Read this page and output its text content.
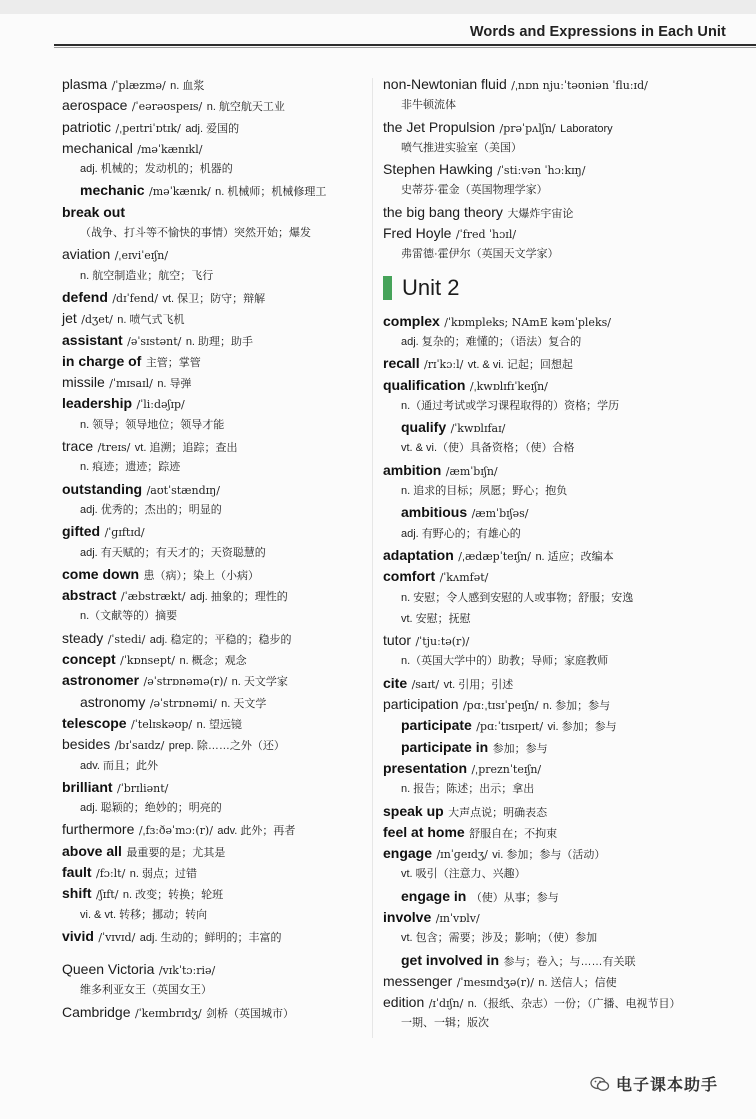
Words and Expressions in Each Unit
plasma /ˈplæzmə/ n. 血浆
aerospace /ˈeərəʊspeɪs/ n. 航空航天工业
patriotic /ˌpeɪtriˈɒtɪk/ adj. 爱国的
mechanical /məˈkænɪkl/
adj. 机械的；发动机的；机器的
mechanic /məˈkænɪk/ n. 机械师；机械修理工
break out
（战争、打斗等不愉快的事情）突然开始；爆发
aviation /ˌeɪviˈeɪʃn/
n. 航空制造业；航空；飞行
defend /dɪˈfend/ vt. 保卫；防守；辩解
jet /dʒet/ n. 喷气式飞机
assistant /əˈsɪstənt/ n. 助理；助手
in charge of 主管；掌管
missile /ˈmɪsaɪl/ n. 导弹
leadership /ˈliːdəʃɪp/
n. 领导；领导地位；领导才能
trace /treɪs/ vt. 追溯；追踪；查出
n. 痕迹；遗迹；踪迹
outstanding /aʊtˈstændɪŋ/
adj. 优秀的；杰出的；明显的
gifted /ˈɡɪftɪd/
adj. 有天赋的；有天才的；天资聪慧的
come down 患（病）；染上（小病）
abstract /ˈæbstrækt/ adj. 抽象的；理性的
n.（文献等的）摘要
steady /ˈstedi/ adj. 稳定的；平稳的；稳步的
concept /ˈkɒnsept/ n. 概念；观念
astronomer /əˈstrɒnəmə(r)/ n. 天文学家
astronomy /əˈstrɒnəmi/ n. 天文学
telescope /ˈtelɪskəʊp/ n. 望远镜
besides /bɪˈsaɪdz/ prep. 除……之外（还）
adv. 而且；此外
brilliant /ˈbrɪliənt/
adj. 聪颖的；绝妙的；明亮的
furthermore /ˌfɜːðəˈmɔː(r)/ adv. 此外；再者
above all 最重要的是；尤其是
fault /fɔːlt/ n. 弱点；过错
shift /ʃɪft/ n. 改变；转换；轮班
vi. & vt. 转移；挪动；转向
vivid /ˈvɪvɪd/ adj. 生动的；鲜明的；丰富的
Queen Victoria /vɪkˈtɔːriə/
维多利亚女王（英国女王）
Cambridge /ˈkeɪmbrɪdʒ/ 剑桥（英国城市）
non-Newtonian fluid /ˌnɒn njuːˈtəʊniən ˈfluːɪd/
非牛顿流体
the Jet Propulsion /prəˈpʌlʃn/ Laboratory
喷气推进实验室（美国）
Stephen Hawking /ˈstiːvən ˈhɔːkɪŋ/
史蒂芬·霍金（英国物理学家）
the big bang theory 大爆炸宇宙论
Fred Hoyle /ˈfred ˈhɔɪl/
弗雷德·霍伊尔（英国天文学家）
Unit 2
complex /ˈkɒmpleks; NAmE kəmˈpleks/
adj. 复杂的；难懂的；（语法）复合的
recall /rɪˈkɔːl/ vt. & vi. 记起；回想起
qualification /ˌkwɒlɪfɪˈkeɪʃn/
n.（通过考试或学习课程取得的）资格；学历
qualify /ˈkwɒlɪfaɪ/
vt. & vi.（使）具备资格；（使）合格
ambition /æmˈbɪʃn/
n. 追求的目标；夙愿；野心；抱负
ambitious /æmˈbɪʃəs/
adj. 有野心的；有雄心的
adaptation /ˌædæpˈteɪʃn/ n. 适应；改编本
comfort /ˈkʌmfət/
n. 安慰；令人感到安慰的人或事物；舒服；安逸
vt. 安慰；抚慰
tutor /ˈtjuːtə(r)/
n.（英国大学中的）助教；导师；家庭教师
cite /saɪt/ vt. 引用；引述
participation /pɑːˌtɪsɪˈpeɪʃn/ n. 参加；参与
participate /pɑːˈtɪsɪpeɪt/ vi. 参加；参与
participate in 参加；参与
presentation /ˌpreznˈteɪʃn/
n. 报告；陈述；出示；拿出
speak up 大声点说；明确表态
feel at home 舒服自在；不拘束
engage /ɪnˈɡeɪdʒ/ vi. 参加；参与（活动）
vt. 吸引（注意力、兴趣）
engage in （使）从事；参与
involve /ɪnˈvɒlv/
vt. 包含；需要；涉及；影响；（使）参加
get involved in 参与；卷入；与……有关联
messenger /ˈmesɪndʒə(r)/ n. 送信人；信使
edition /ɪˈdɪʃn/ n.（报纸、杂志）一份；（广播、电视节目）
一期、一辑；版次
电子课本助手
